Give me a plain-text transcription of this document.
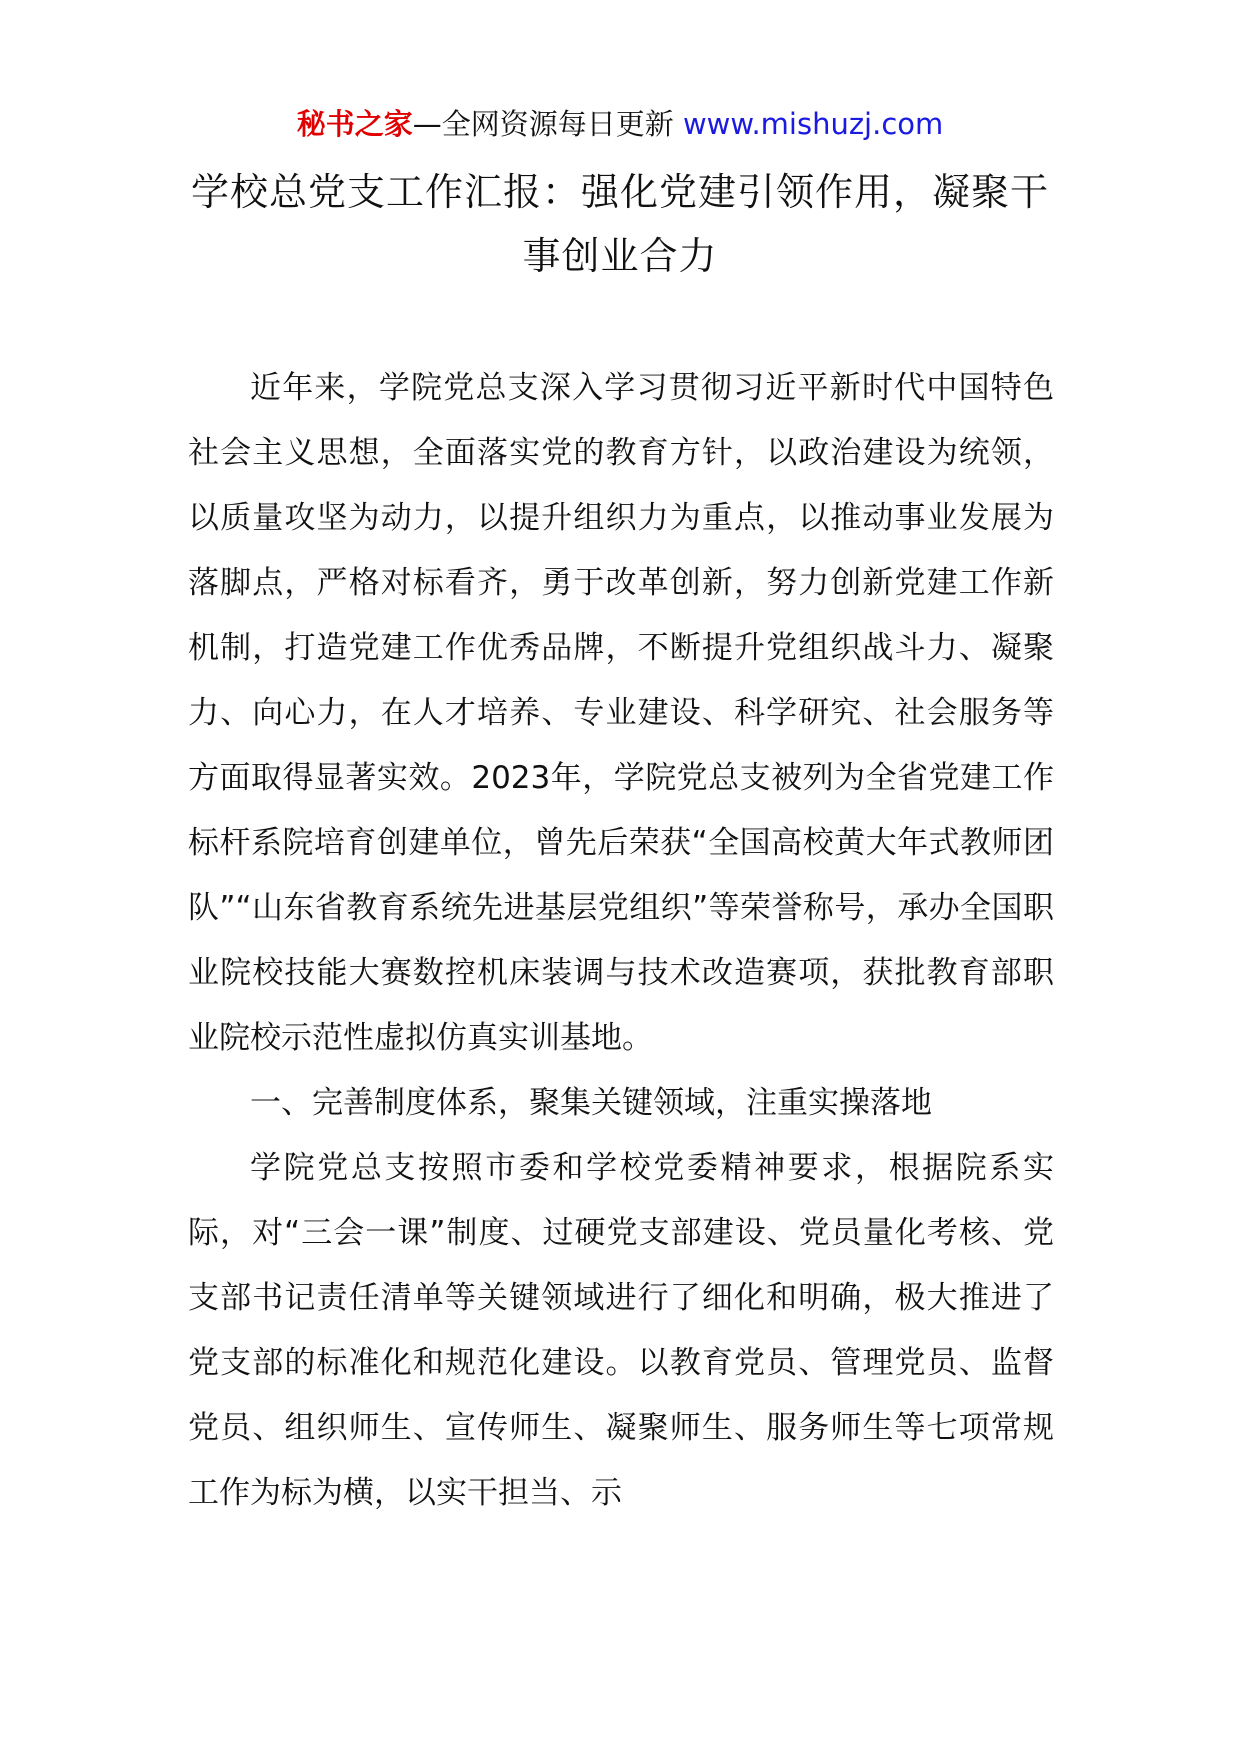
秘书之家—全网资源每日更新 www.mishuzj.com
学校总党支工作汇报：强化党建引领作用，凝聚干事创业合力

近年来，学院党总支深入学习贯彻习近平新时代中国特色社会主义思想，全面落实党的教育方针，以政治建设为统领，以质量攻坚为动力，以提升组织力为重点，以推动事业发展为落脚点，严格对标看齐，勇于改革创新，努力创新党建工作新机制，打造党建工作优秀品牌，不断提升党组织战斗力、凝聚力、向心力，在人才培养、专业建设、科学研究、社会服务等方面取得显著实效。2023年，学院党总支被列为全省党建工作标杆系院培育创建单位，曾先后荣获“全国高校黄大年式教师团队”“山东省教育系统先进基层党组织”等荣誉称号，承办全国职业院校技能大赛数控机床装调与技术改造赛项，获批教育部职业院校示范性虚拟仿真实训基地。

一、完善制度体系，聚集关键领域，注重实操落地

学院党总支按照市委和学校党委精神要求，根据院系实际，对“三会一课”制度、过硬党支部建设、党员量化考核、党支部书记责任清单等关键领域进行了细化和明确，极大推进了党支部的标准化和规范化建设。以教育党员、管理党员、监督党员、组织师生、宣传师生、凝聚师生、服务师生等七项常规工作为标为横，以实干担当、示
